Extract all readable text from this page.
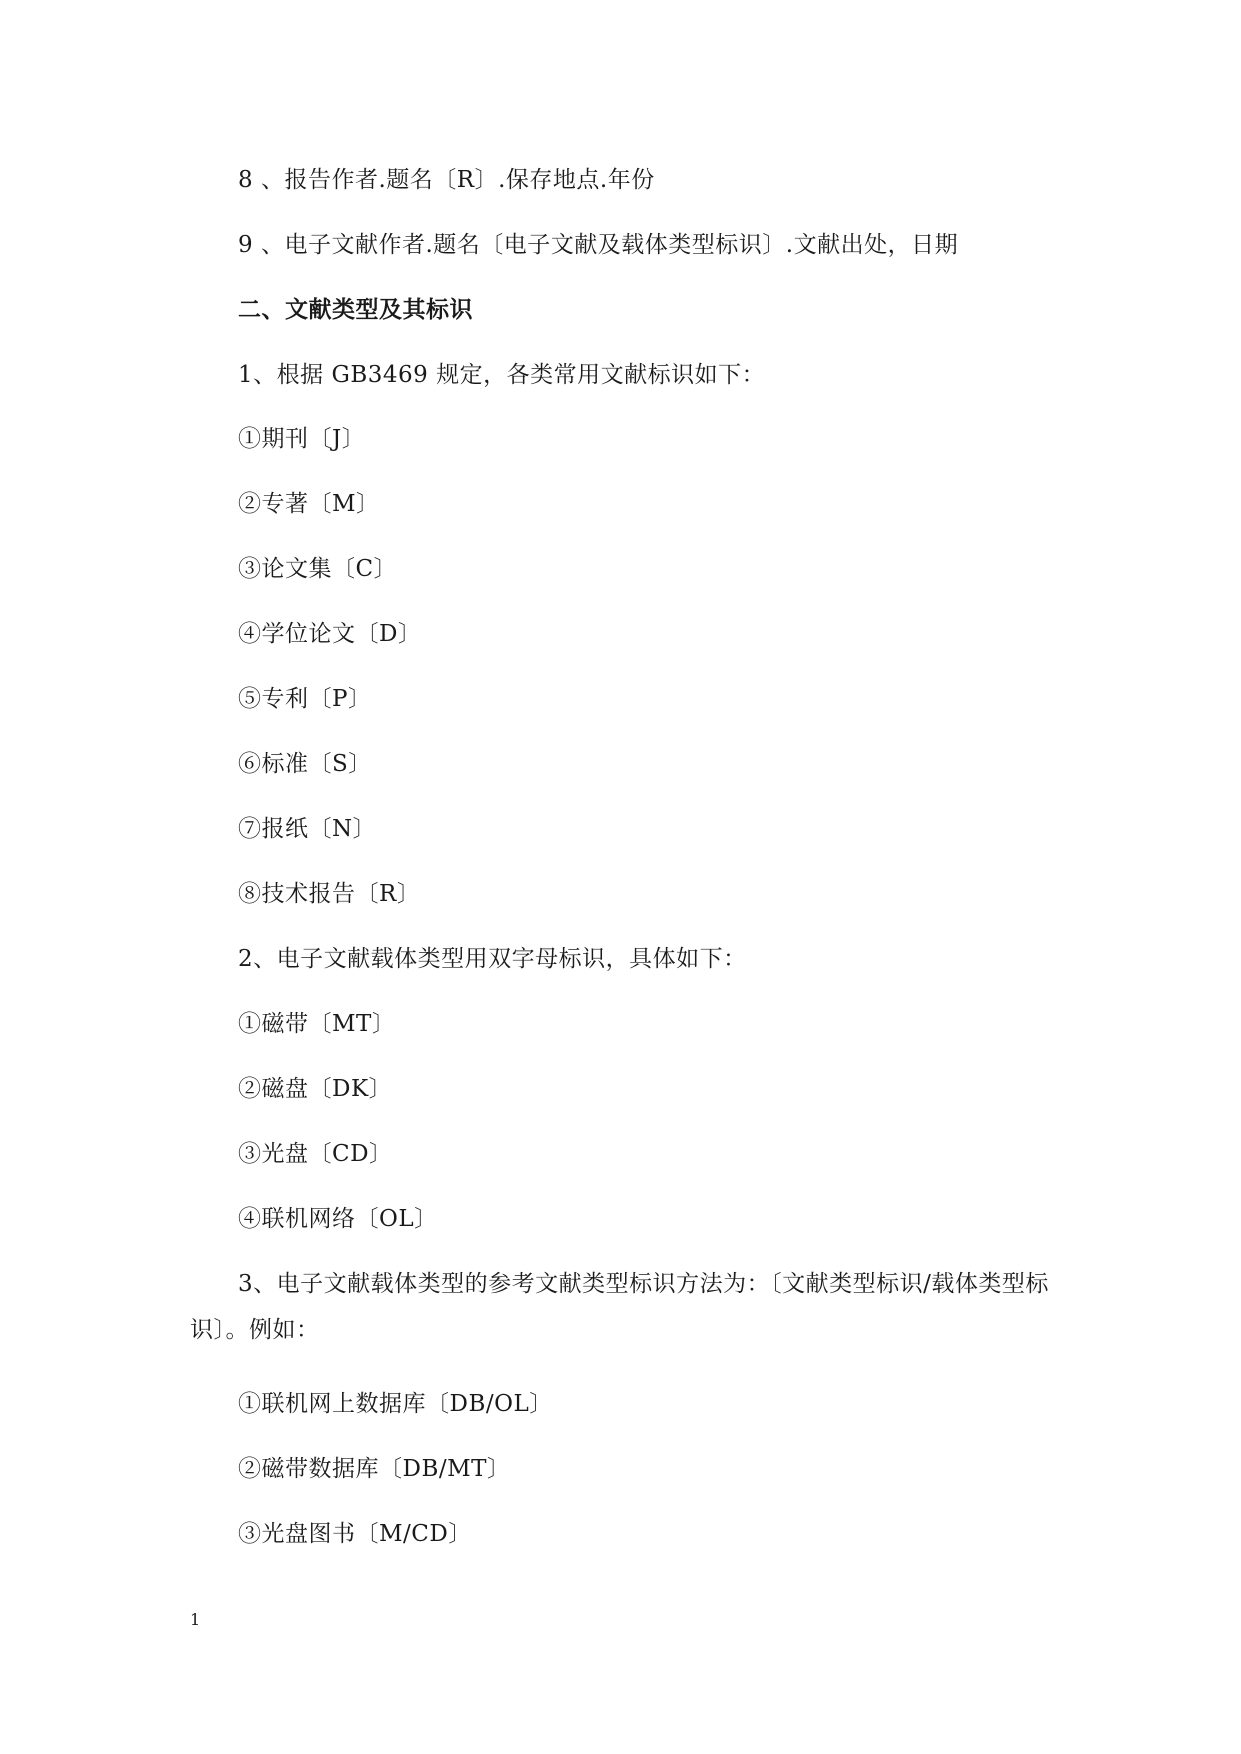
8 、报告作者.题名〔R〕.保存地点.年份
9 、电子文献作者.题名〔电子文献及载体类型标识〕.文献出处，日期
二、文献类型及其标识
1、根据 GB3469 规定，各类常用文献标识如下：
①期刊〔J〕
②专著〔M〕
③论文集〔C〕
④学位论文〔D〕
⑤专利〔P〕
⑥标准〔S〕
⑦报纸〔N〕
⑧技术报告〔R〕
2、电子文献载体类型用双字母标识，具体如下：
①磁带〔MT〕
②磁盘〔DK〕
③光盘〔CD〕
④联机网络〔OL〕
3、电子文献载体类型的参考文献类型标识方法为：〔文献类型标识/载体类型标识〕。例如：
①联机网上数据库〔DB/OL〕
②磁带数据库〔DB/MT〕
③光盘图书〔M/CD〕
1
